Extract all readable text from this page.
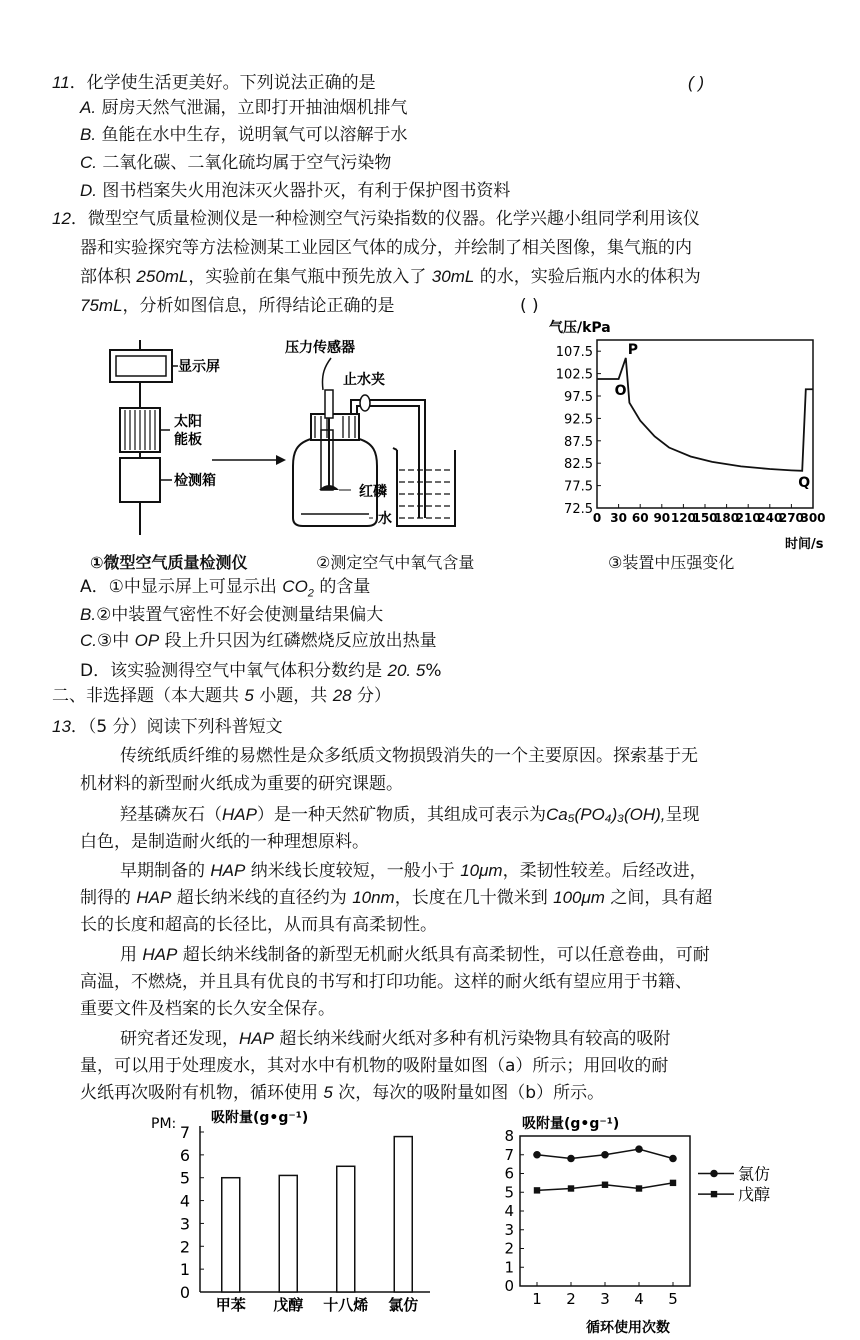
11．化学使生活更美好。下列说法正确的是	( )
A. 厨房天然气泄漏，立即打开抽油烟机排气
B. 鱼能在水中生存，说明氧气可以溶解于水
C. 二氧化碳、二氧化硫均属于空气污染物
D. 图书档案失火用泡沫灭火器扑灭，有利于保护图书资料
12．微型空气质量检测仪是一种检测空气污染指数的仪器。化学兴趣小组同学利用该仪
器和实验探究等方法检测某工业园区气体的成分，并绘制了相关图像，集气瓶的内
部体积 250mL，实验前在集气瓶中预先放入了 30mL 的水，实验后瓶内水的体积为
75mL，分析如图信息，所得结论正确的是	( )
显示屏
太阳
能板
检测箱
压力传感器
止水夹
红磷
水
气压/kPa
时间/s
72.5
77.5
82.5
87.5
92.5
97.5
102.5
107.5
0 30 60 90 120
150
180
210
240
270
300
P
O
Q
①微型空气质量检测仪	②测定空气中氧气含量	③装置中压强变化
A．①中显示屏上可显示出 $CO_2$ 的含量
B.②中装置气密性不好会使测量结果偏大
C.③中 OP 段上升只因为红磷燃烧反应放出热量
D．该实验测得空气中氧气体积分数约是 20. 5%
二、非选择题（本大题共 5 小题，共 28 分）
13．（5 分）阅读下列科普短文
传统纸质纤维的易燃性是众多纸质文物损毁消失的一个主要原因。探索基于无
机材料的新型耐火纸成为重要的研究课题。
羟基磷灰石（HAP）是一种天然矿物质，其组成可表示为Ca₅(PO₄)₃(OH),呈现
白色，是制造耐火纸的一种理想原料。
早期制备的 HAP 纳米线长度较短，一般小于 10μm，柔韧性较差。后经改进，
制得的 HAP 超长纳米线的直径约为 10nm，长度在几十微米到 100μm 之间，具有超
长的长度和超高的长径比，从而具有高柔韧性。
用 HAP 超长纳米线制备的新型无机耐火纸具有高柔韧性，可以任意卷曲，可耐
高温，不燃烧，并且具有优良的书写和打印功能。这样的耐火纸有望应用于书籍、
重要文件及档案的长久安全保存。
研究者还发现，HAP 超长纳米线耐火纸对多种有机污染物具有较高的吸附
量，可以用于处理废水，其对水中有机物的吸附量如图（a）所示；用回收的耐
火纸再次吸附有机物，循环使用 5 次，每次的吸附量如图（b）所示。
PM: 吸附量(g•g⁻¹)
0
1
2
3
4
5
6
7
甲苯 戊醇 十八烯 氯仿
吸附量(g•g⁻¹)
循环使用次数
0
1
2
3
4
5
6
7
8
1 2 3 4 5
氯仿
戊醇
